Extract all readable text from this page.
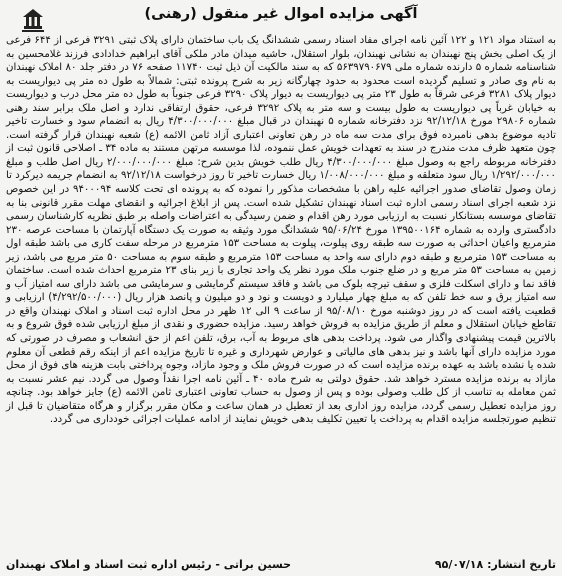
آگهی مزایده اموال غیر منقول (رهنی)
به استناد مواد ۱۲۱ و ۱۲۲ آئین نامه اجرای مفاد اسناد رسمی ششدانگ یک باب ساختمان دارای پلاک ثبتی ۳۲۹۱ فرعی از ۶۴۴ فرعی از یک اصلی بخش پنج نهبندان به نشانی نهبندان، بلوار استقلال، حاشیه میدان مادر ملکی آقای ابراهیم خدادادی فرزند غلامحسین به شناسنامه شماره ۵ دارنده شماره ملی ۵۶۳۹۷۹۰۶۷۹ که به سند مالکیت آن ذیل ثبت ۱۱۷۴۰ صفحه ۷۶ در دفتر جلد ۸۰ املاک نهبندان به نام وی صادر و تسلیم گردیده است محدود به حدود چهارگانه زیر به شرح پرونده ثبتی: شمالاً به طول ده متر پی دیواریست به دیوار پلاک ۳۲۸۱ فرعی شرقاً به طول ۲۳ متر پی دیواریست به دیوار پلاک ۳۲۹۰ فرعی جنوباً به طول ده متر محل درب و دیواریست به خیابان غرباً پی دیواریست به طول بیست و سه متر به پلاک ۳۲۹۲ فرعی، حقوق ارتفاقی ندارد و اصل ملک برابر سند رهنی شماره ۲۹۸۰۶ مورخ ۹۲/۱۲/۱۸ نزد دفترخانه شماره ۵ نهبندان در قبال مبلغ ۴/۳۰۰/۰۰۰/۰۰۰ ریال به انضمام سود و خسارت تاخیر تادیه موضوع بدهی نامبرده فوق برای مدت سه ماه در رهن تعاونی اعتباری آزاد ثامن الائمه (ع) شعبه نهبندان قرار گرفته است. چون متعهد ظرف مدت مندرج در سند به تعهدات خویش عمل ننموده، لذا موسسه مرتهن مستند به ماده ۳۴ ـ اصلاحی قانون ثبت از دفترخانه مربوطه راجع به وصول مبلغ ۴/۳۰۰/۰۰۰/۰۰۰ ریال طلب خویش بدین شرح: مبلغ ۲/۰۰۰/۰۰۰/۰۰۰ ریال اصل طلب و مبلغ ۱/۲۹۲/۰۰۰/۰۰۰ ریال سود متعلقه و مبلغ ۱/۰۰۸/۰۰۰/۰۰۰ ریال خسارت تاخیر تا روز درخواست ۹۲/۱۲/۱۸ به انضمام جریمه دیرکرد تا زمان وصول تقاضای صدور اجرائیه علیه راهن با مشخصات مذکور را نموده که به پرونده ای تحت کلاسه ۹۴۰۰۰۹۴ در این خصوص نزد شعبه اجرای اسناد رسمی اداره ثبت اسناد نهبندان تشکیل شده است. پس از ابلاغ اجرائیه و انقضای مهلت مقرر قانونی بنا به تقاضای موسسه بستانکار نسبت به ارزیابی مورد رهن اقدام و ضمن رسیدگی به اعتراضات واصله بر طبق نظریه کارشناسان رسمی دادگستری وارده به شماره ۱۳۹۵۰۰۱۶۴ مورخ ۹۵/۰۶/۲۴ ششدانگ مورد وثیقه به صورت یک دستگاه آپارتمان با مساحت عرصه ۲۳۰ مترمربع واعیان احداثی به صورت سه طبقه روی پیلوت، پیلوت به مساحت ۱۵۳ مترمربع در مرحله سفت کاری می باشد طبقه اول به مساحت ۱۵۳ مترمربع و طبقه دوم دارای سه واحد به مساحت ۱۵۳ مترمربع و طبقه سوم به مساحت ۵۰ متر مربع می باشد، زیر زمین به مساحت ۵۳ متر مربع و در ضلع جنوب ملک مورد نظر یک واحد تجاری با زیر بنای ۲۳ مترمربع احداث شده است. ساختمان فاقد نما و دارای اسکلت فلزی و سقف تیرچه بلوک می باشد و فاقد سیستم گرمایشی و سرمایشی می باشد دارای سه امتیاز آب و سه امتیاز برق و سه خط تلفن که به مبلغ چهار میلیارد و دویست و نود و دو میلیون و پانصد هزار ریال (۴/۲۹۲/۵۰۰/۰۰۰) ارزیابی و قطعیت یافته است که در روز دوشنبه مورخ ۹۵/۰۸/۱۰ از ساعت ۹ الی ۱۲ ظهر در محل اداره ثبت اسناد و املاک نهبندان واقع در تقاطع خیابان استقلال و معلم از طریق مزایده به فروش خواهد رسید. مزایده حضوری و نقدی از مبلغ ارزیابی شده فوق شروع و به بالاترین قیمت پیشنهادی واگذار می شود. پرداخت بدهی های مربوط به آب، برق، تلفن اعم از حق انشعاب و مصرف در صورتی که مورد مزایده دارای آنها باشد و نیز بدهی های مالیاتی و عوارض شهرداری و غیره تا تاریخ مزایده اعم از اینکه رقم قطعی آن معلوم شده یا نشده باشد به عهده برنده مزایده است که در صورت فروش ملک و وجود مازاد، وجوه پرداختی بابت هزینه های فوق از محل مازاد به برنده مزایده مسترد خواهد شد. حقوق دولتی به شرح ماده ۴۰ ـ آئین نامه اجرا نقداً وصول می گردد. نیم عشر نسبت به ثمن معامله به تناسب از کل طلب وصولی بوده و پس از وصول به حساب تعاونی اعتباری ثامن الائمه (ع) جایز خواهد بود. چنانچه روز مزایده تعطیل رسمی گردد، مزایده روز اداری بعد از تعطیل در همان ساعت و مکان مقرر برگزار و هرگاه متقاضیان تا قبل از تنظیم صورتجلسه مزایده اقدام به پرداخت یا تعیین تکلیف بدهی خویش نمایند از ادامه عملیات اجرائی خودداری می گردد.
تاریخ انتشار: ۹۵/۰۷/۱۸
حسین براتی - رئیس اداره ثبت اسناد و املاک نهبندان
